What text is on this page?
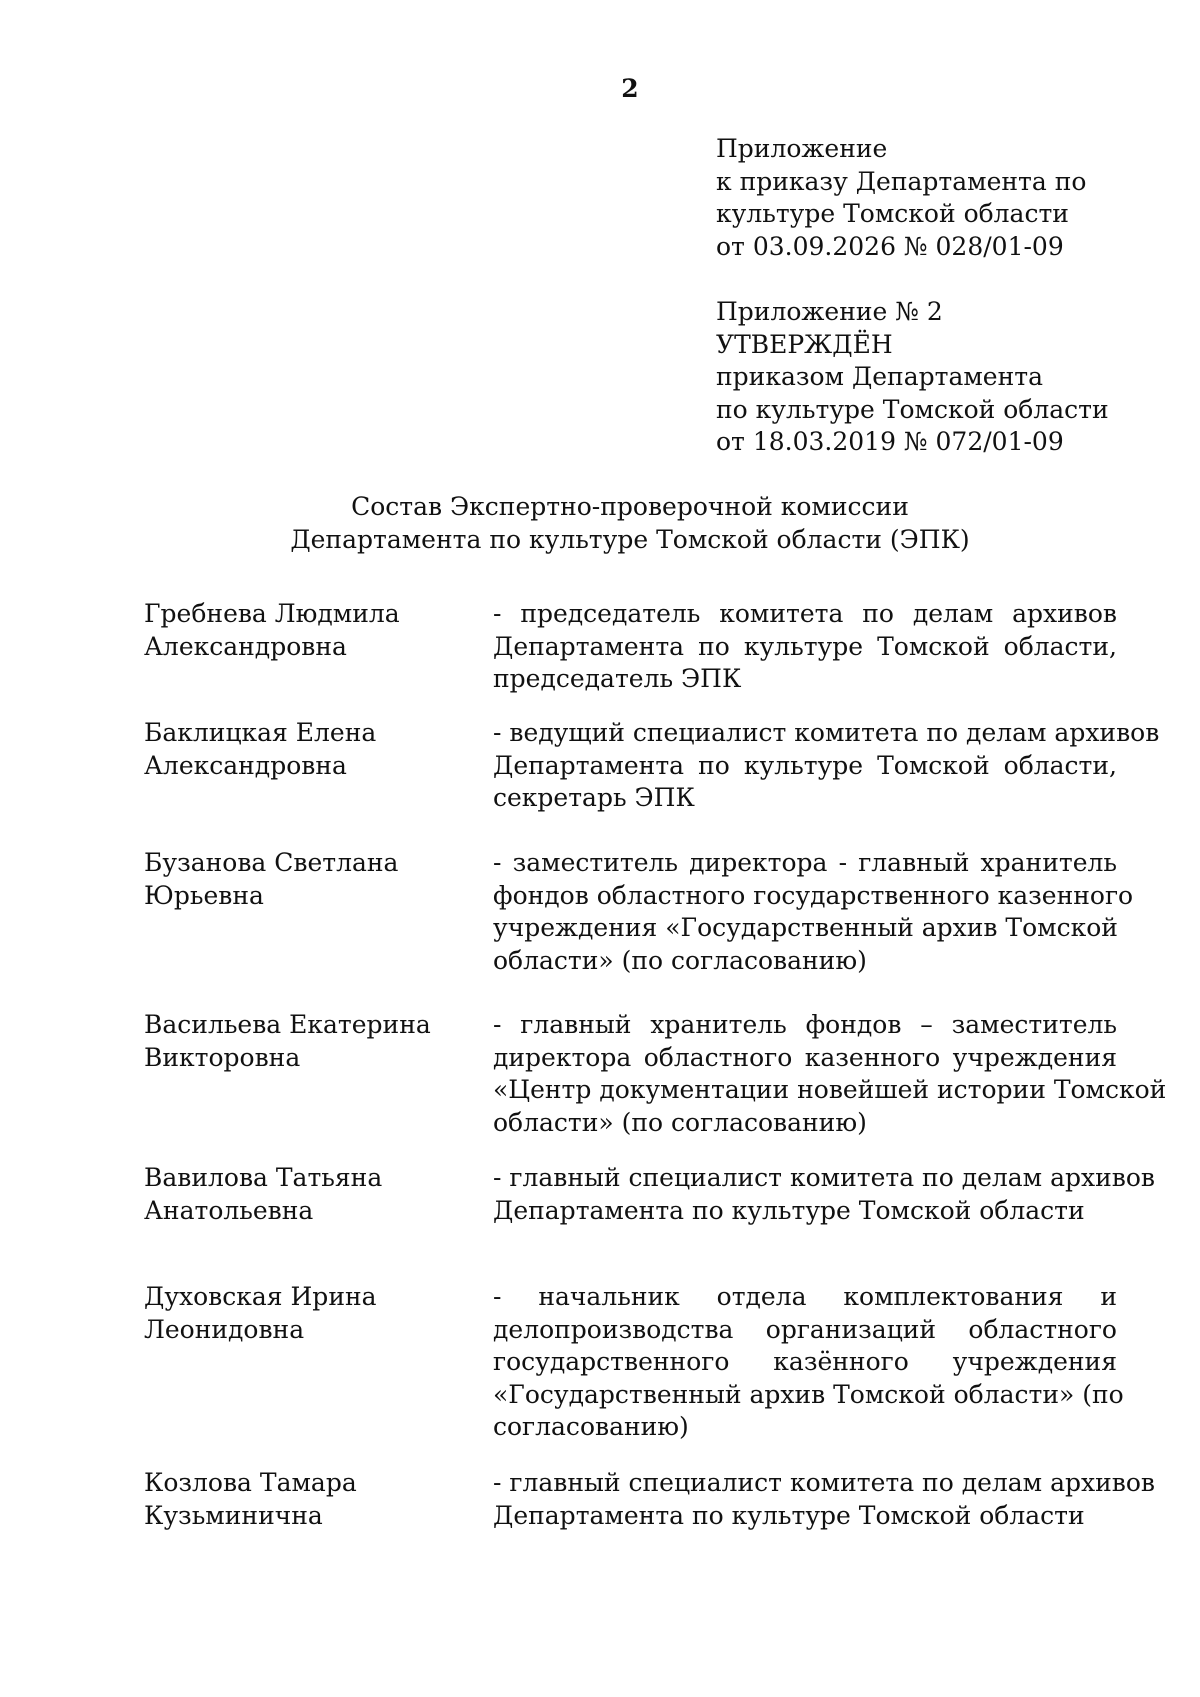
2
Приложение
к приказу Департамента по
культуре Томской области
от 03.09.2026 № 028/01-09
Приложение № 2
УТВЕРЖДЁН
приказом Департамента
по культуре Томской области
от 18.03.2019 № 072/01-09
Состав Экспертно-проверочной комиссии
Департамента по культуре Томской области (ЭПК)
Гребнева Людмила
Александровна
- председатель комитета по делам архивов
Департамента по культуре Томской области,
председатель ЭПК
Баклицкая Елена
Александровна
- ведущий специалист комитета по делам архивов
Департамента по культуре Томской области,
секретарь ЭПК
Бузанова Светлана
Юрьевна
- заместитель директора - главный хранитель
фондов областного государственного казенного
учреждения «Государственный архив Томской
области» (по согласованию)
Васильева Екатерина
Викторовна
- главный хранитель фондов – заместитель
директора областного казенного учреждения
«Центр документации новейшей истории Томской
области» (по согласованию)
Вавилова Татьяна
Анатольевна
- главный специалист комитета по делам архивов
Департамента по культуре Томской области
Духовская Ирина
Леонидовна
- начальник отдела комплектования и
делопроизводства организаций областного
государственного казённого учреждения
«Государственный архив Томской области» (по
согласованию)
Козлова Тамара
Кузьминична
- главный специалист комитета по делам архивов
Департамента по культуре Томской области
